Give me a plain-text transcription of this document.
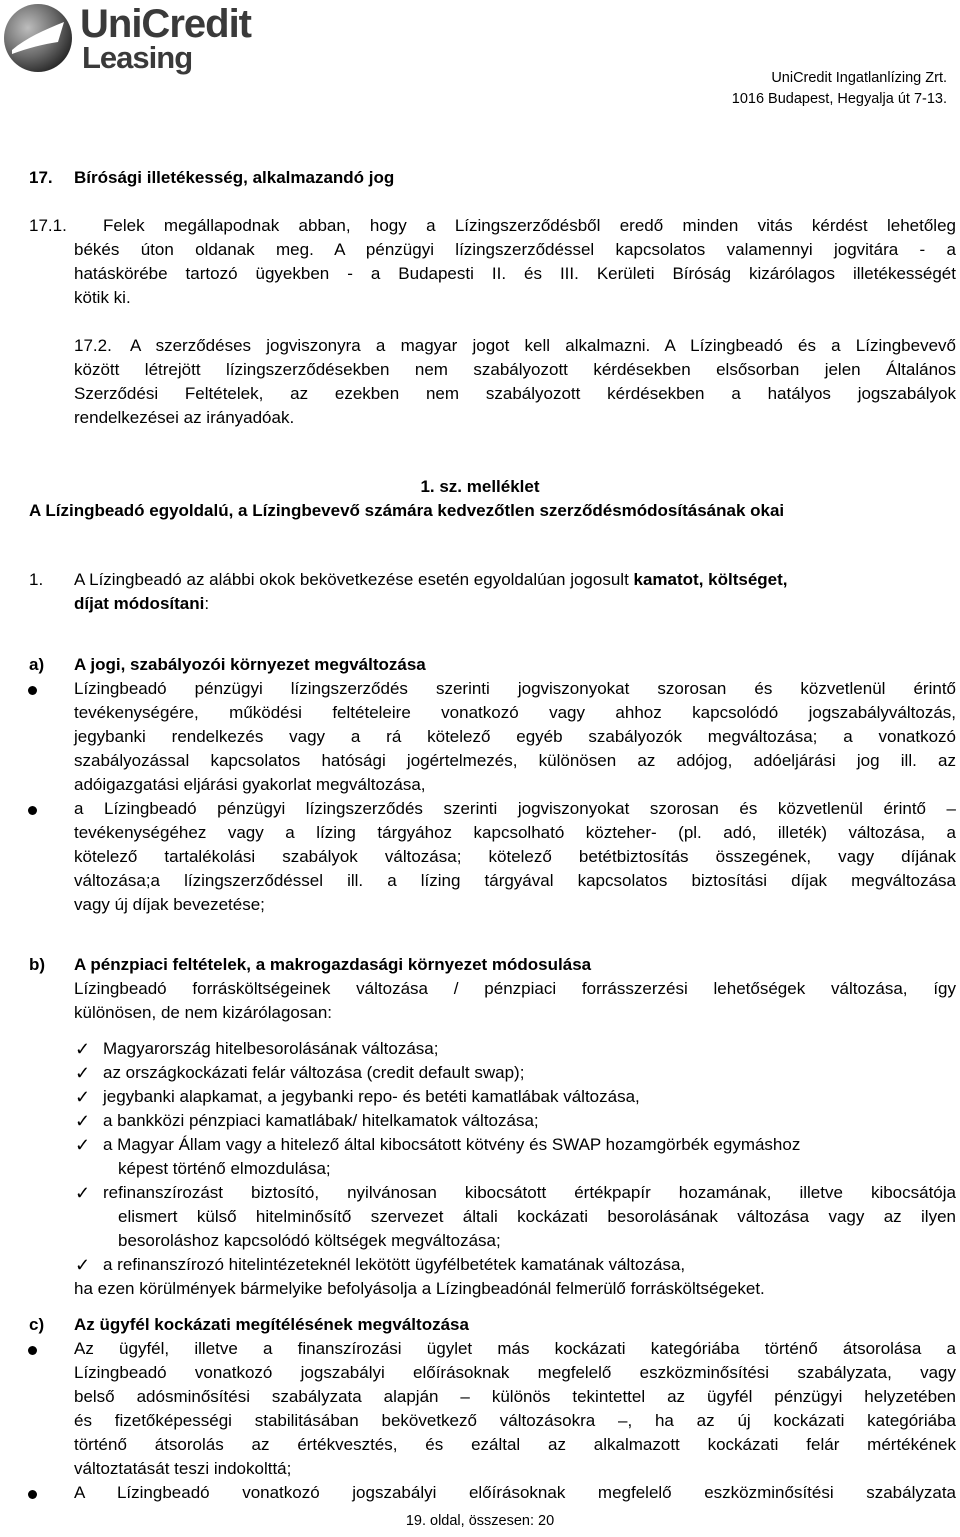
UniCredit
Leasing
UniCredit Ingatlanlízing Zrt.
1016 Budapest, Hegyalja út 7-13.
17. Bírósági illetékesség, alkalmazandó jog
17.1. Felek megállapodnak abban, hogy a Lízingszerződésből eredő minden vitás kérdést lehetőleg
békés úton oldanak meg. A pénzügyi lízingszerződéssel kapcsolatos valamennyi jogvitára - a
hatáskörébe tartozó ügyekben - a Budapesti II. és III. Kerületi Bíróság kizárólagos illetékességét
kötik ki.
17.2. A szerződéses jogviszonyra a magyar jogot kell alkalmazni. A Lízingbeadó és a Lízingbevevő
között létrejött lízingszerződésekben nem szabályozott kérdésekben elsősorban jelen Általános
Szerződési Feltételek, az ezekben nem szabályozott kérdésekben a hatályos jogszabályok
rendelkezései az irányadóak.
1. sz. melléklet
A Lízingbeadó egyoldalú, a Lízingbevevő számára kedvezőtlen szerződésmódosításának okai
1. A Lízingbeadó az alábbi okok bekövetkezése esetén egyoldalúan jogosult kamatot, költséget,
díjat módosítani:
a) A jogi, szabályozói környezet megváltozása
Lízingbeadó pénzügyi lízingszerződés szerinti jogviszonyokat szorosan és közvetlenül érintő
tevékenységére, működési feltételeire vonatkozó vagy ahhoz kapcsolódó jogszabályváltozás,
jegybanki rendelkezés vagy a rá kötelező egyéb szabályozók megváltozása; a vonatkozó
szabályozással kapcsolatos hatósági jogértelmezés, különösen az adójog, adóeljárási jog ill. az
adóigazgatási eljárási gyakorlat megváltozása,
a Lízingbeadó pénzügyi lízingszerződés szerinti jogviszonyokat szorosan és közvetlenül érintő –
tevékenységéhez vagy a lízing tárgyához kapcsolható közteher- (pl. adó, illeték) változása, a
kötelező tartalékolási szabályok változása; kötelező betétbiztosítás összegének, vagy díjának
változása;a lízingszerződéssel ill. a lízing tárgyával kapcsolatos biztosítási díjak megváltozása
vagy új díjak bevezetése;
b) A pénzpiaci feltételek, a makrogazdasági környezet módosulása
Lízingbeadó forrásköltségeinek változása / pénzpiaci forrásszerzési lehetőségek változása, így
különösen, de nem kizárólagosan:
✓ Magyarország hitelbesorolásának változása;
✓ az országkockázati felár változása (credit default swap);
✓ jegybanki alapkamat, a jegybanki repo- és betéti kamatlábak változása,
✓ a bankközi pénzpiaci kamatlábak/ hitelkamatok változása;
✓ a Magyar Állam vagy a hitelező által kibocsátott kötvény és SWAP hozamgörbék egymáshoz
képest történő elmozdulása;
✓ refinanszírozást biztosító, nyilvánosan kibocsátott értékpapír hozamának, illetve kibocsátója
elismert külső hitelminősítő szervezet általi kockázati besorolásának változása vagy az ilyen
besoroláshoz kapcsolódó költségek megváltozása;
✓ a refinanszírozó hitelintézeteknél lekötött ügyfélbetétek kamatának változása,
ha ezen körülmények bármelyike befolyásolja a Lízingbeadónál felmerülő forrásköltségeket.
c) Az ügyfél kockázati megítélésének megváltozása
Az ügyfél, illetve a finanszírozási ügylet más kockázati kategóriába történő átsorolása a
Lízingbeadó vonatkozó jogszabályi előírásoknak megfelelő eszközminősítési szabályzata, vagy
belső adósminősítési szabályzata alapján – különös tekintettel az ügyfél pénzügyi helyzetében
és fizetőképességi stabilitásában bekövetkező változásokra –, ha az új kockázati kategóriába
történő átsorolás az értékvesztés, és ezáltal az alkalmazott kockázati felár mértékének
változtatását teszi indokolttá;
A Lízingbeadó vonatkozó jogszabályi előírásoknak megfelelő eszközminősítési szabályzata
19. oldal, összesen: 20
